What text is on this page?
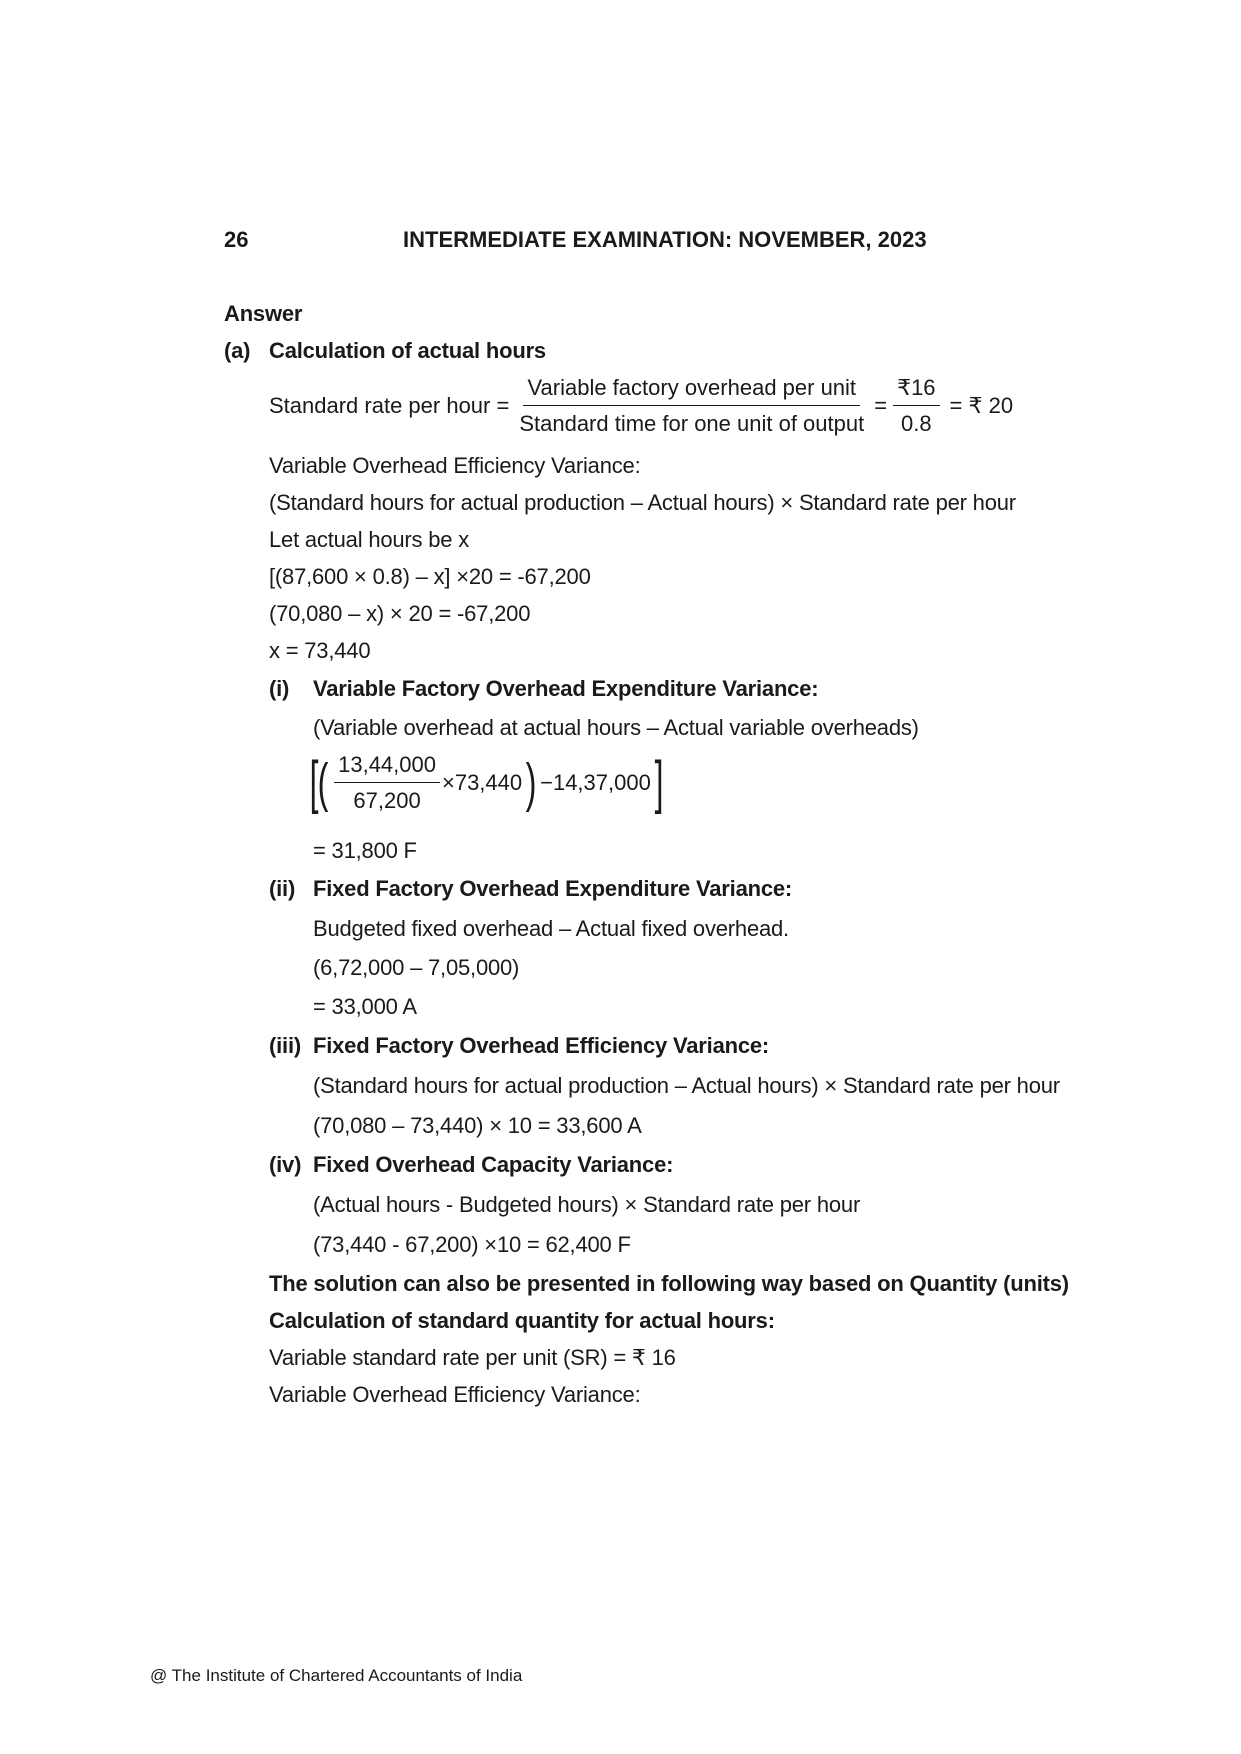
26	INTERMEDIATE EXAMINATION: NOVEMBER, 2023
Answer
(a) Calculation of actual hours
Standard rate per hour = $\frac{\text{Variable factory overhead per unit}}{\text{Standard time for one unit of output}} = \frac{₹16}{0.8}$ = ₹ 20
Variable Overhead Efficiency Variance:
(Standard hours for actual production – Actual hours) × Standard rate per hour
Let actual hours be x
[(87,600 × 0.8) – x] ×20 = -67,200
(70,080 – x) × 20 = -67,200
x = 73,440
(i) Variable Factory Overhead Expenditure Variance:
(Variable overhead at actual hours – Actual variable overheads)
[ ( $\frac{13,44,000}{67,200} \times 73,440$ ) −14,37,000 ]
= 31,800 F
(ii) Fixed Factory Overhead Expenditure Variance:
Budgeted fixed overhead – Actual fixed overhead.
(6,72,000 – 7,05,000)
= 33,000 A
(iii) Fixed Factory Overhead Efficiency Variance:
(Standard hours for actual production – Actual hours) × Standard rate per hour
(70,080 – 73,440) × 10 = 33,600 A
(iv) Fixed Overhead Capacity Variance:
(Actual hours - Budgeted hours) × Standard rate per hour
(73,440 - 67,200) ×10 = 62,400 F
The solution can also be presented in following way based on Quantity (units)
Calculation of standard quantity for actual hours:
Variable standard rate per unit (SR) = ₹ 16
Variable Overhead Efficiency Variance:
@ The Institute of Chartered Accountants of India
